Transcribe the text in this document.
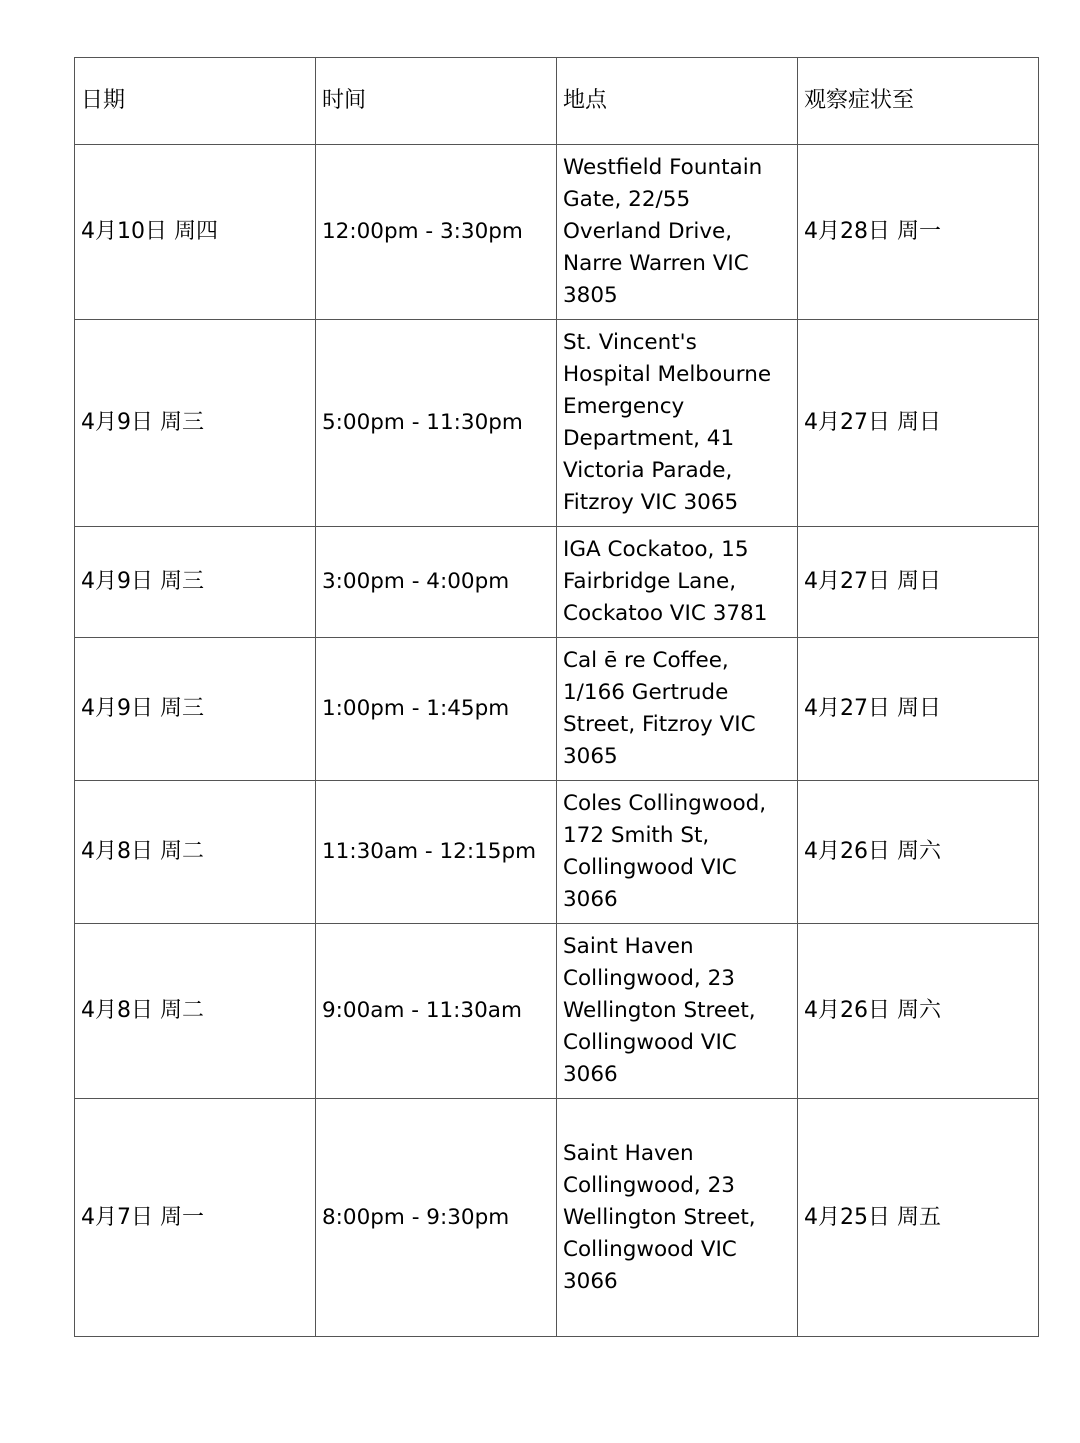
日期	时间	地点	观察症状至
4月10日 周四	12:00pm - 3:30pm	Westfield Fountain Gate, 22/55 Overland Drive, Narre Warren VIC 3805	4月28日 周一
4月9日 周三	5:00pm - 11:30pm	St. Vincent's Hospital Melbourne Emergency Department, 41 Victoria Parade, Fitzroy VIC 3065	4月27日 周日
4月9日 周三	3:00pm - 4:00pm	IGA Cockatoo, 15 Fairbridge Lane, Cockatoo VIC 3781	4月27日 周日
4月9日 周三	1:00pm - 1:45pm	Cal ē re Coffee, 1/166 Gertrude Street, Fitzroy VIC 3065	4月27日 周日
4月8日 周二	11:30am - 12:15pm	Coles Collingwood, 172 Smith St, Collingwood VIC 3066	4月26日 周六
4月8日 周二	9:00am - 11:30am	Saint Haven Collingwood, 23 Wellington Street, Collingwood VIC 3066	4月26日 周六
4月7日 周一	8:00pm - 9:30pm	Saint Haven Collingwood, 23 Wellington Street, Collingwood VIC 3066	4月25日 周五
